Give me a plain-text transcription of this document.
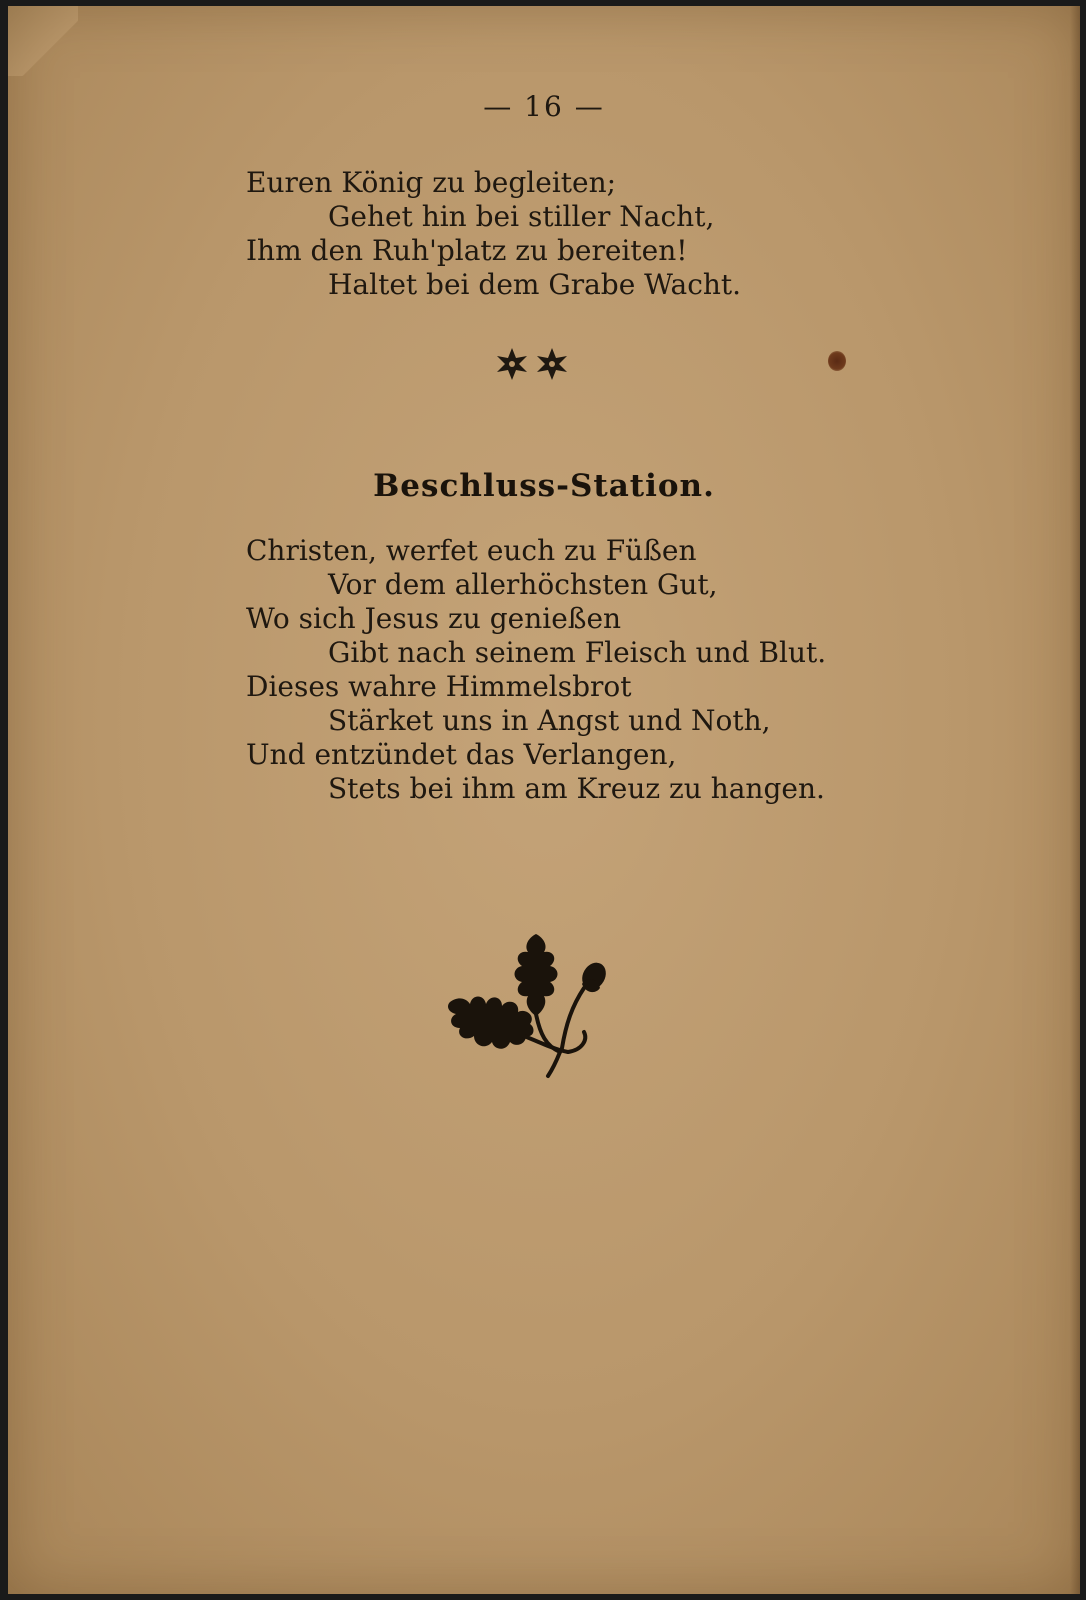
— 16 —
Euren König zu begleiten;
Gehet hin bei stiller Nacht,
Ihm den Ruh'platz zu bereiten!
Haltet bei dem Grabe Wacht.
Beschluss-Station.
Christen, werfet euch zu Füßen
Vor dem allerhöchsten Gut,
Wo sich Jesus zu genießen
Gibt nach seinem Fleisch und Blut.
Dieses wahre Himmelsbrot
Stärket uns in Angst und Noth,
Und entzündet das Verlangen,
Stets bei ihm am Kreuz zu hangen.
